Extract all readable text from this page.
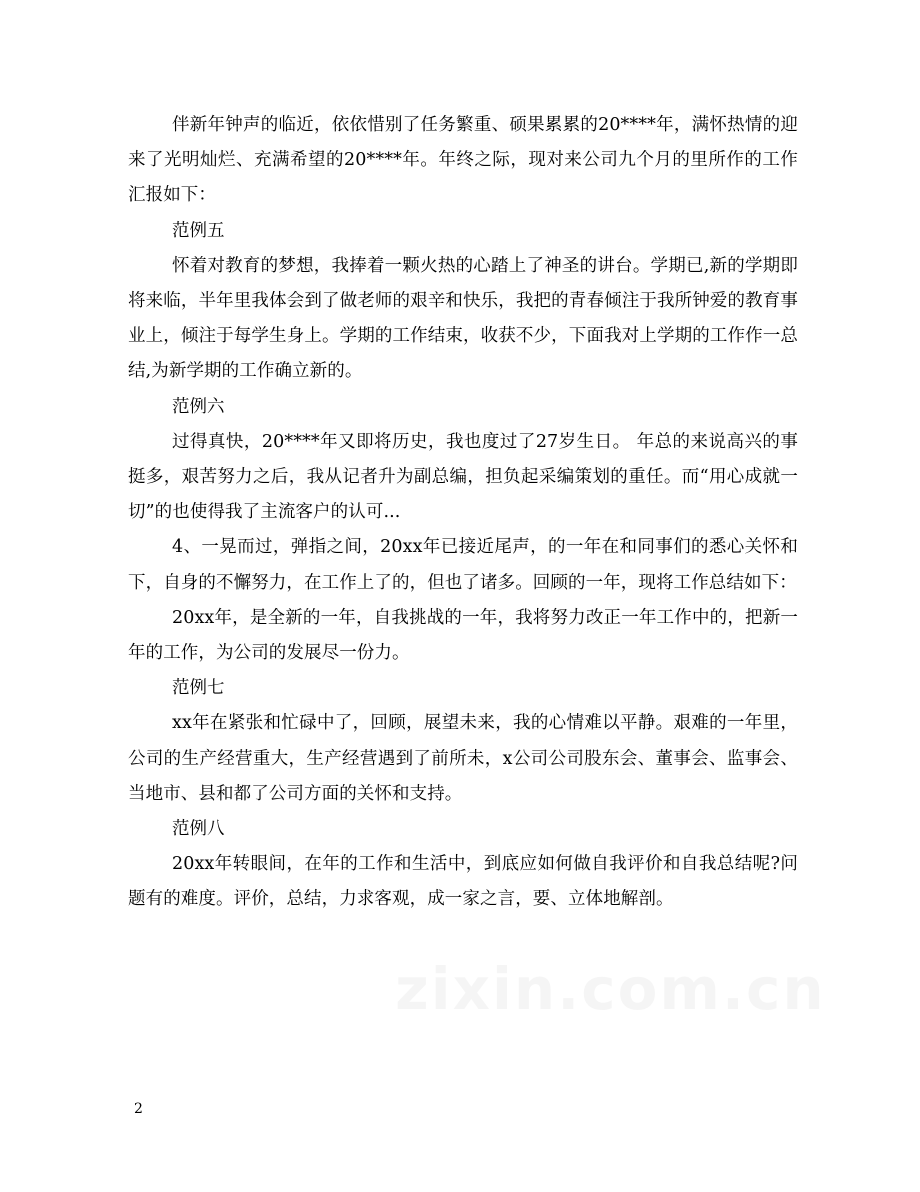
伴新年钟声的临近，依依惜别了任务繁重、硕果累累的20****年，满怀热情的迎来了光明灿烂、充满希望的20****年。年终之际，现对来公司九个月的里所作的工作汇报如下：

范例五

怀着对教育的梦想，我捧着一颗火热的心踏上了神圣的讲台。学期已,新的学期即将来临，半年里我体会到了做老师的艰辛和快乐，我把的青春倾注于我所钟爱的教育事业上，倾注于每学生身上。学期的工作结束，收获不少，下面我对上学期的工作作一总结,为新学期的工作确立新的。

范例六

过得真快，20****年又即将历史，我也度过了27岁生日。 年总的来说高兴的事挺多，艰苦努力之后，我从记者升为副总编，担负起采编策划的重任。而“用心成就一切”的也使得我了主流客户的认可...

4、一晃而过，弹指之间，20xx年已接近尾声，的一年在和同事们的悉心关怀和下，自身的不懈努力，在工作上了的，但也了诸多。回顾的一年，现将工作总结如下：

20xx年，是全新的一年，自我挑战的一年，我将努力改正一年工作中的，把新一年的工作，为公司的发展尽一份力。

范例七

xx年在紧张和忙碌中了，回顾，展望未来，我的心情难以平静。艰难的一年里，公司的生产经营重大，生产经营遇到了前所未，x公司公司股东会、董事会、监事会、当地市、县和都了公司方面的关怀和支持。

范例八

20xx年转眼间，在年的工作和生活中，到底应如何做自我评价和自我总结呢?问题有的难度。评价，总结，力求客观，成一家之言，要、立体地解剖。

2
